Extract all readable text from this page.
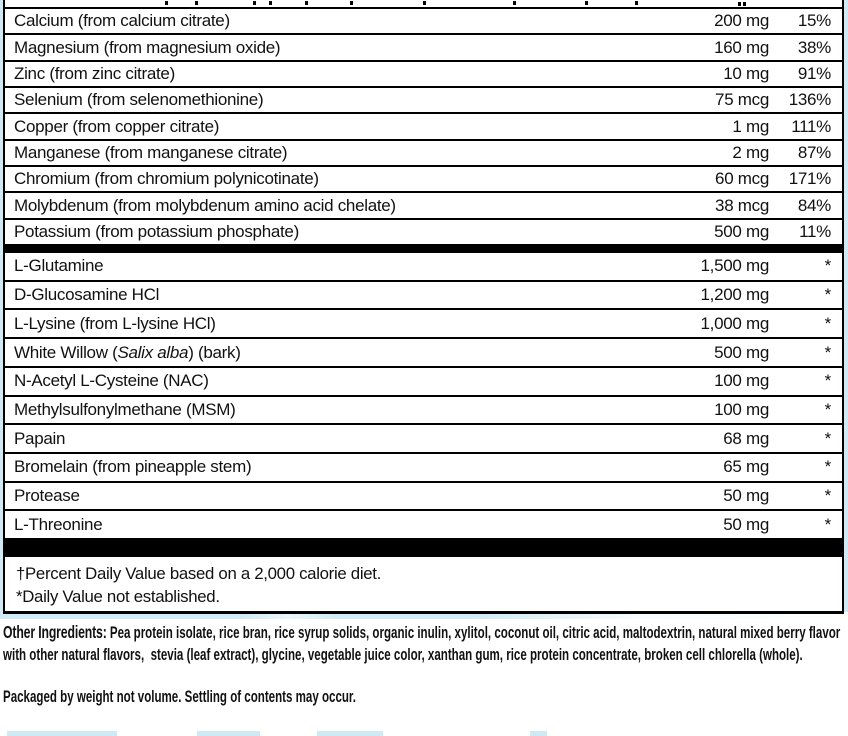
Calcium (from calcium citrate)	200 mg	15%
Magnesium (from magnesium oxide)	160 mg	38%
Zinc (from zinc citrate)	10 mg	91%
Selenium (from selenomethionine)	75 mcg	136%
Copper (from copper citrate)	1 mg	111%
Manganese (from manganese citrate)	2 mg	87%
Chromium (from chromium polynicotinate)	60 mcg	171%
Molybdenum (from molybdenum amino acid chelate)	38 mcg	84%
Potassium (from potassium phosphate)	500 mg	11%
L-Glutamine	1,500 mg	*
D-Glucosamine HCl	1,200 mg	*
L-Lysine (from L-lysine HCl)	1,000 mg	*
White Willow (Salix alba) (bark)	500 mg	*
N-Acetyl L-Cysteine (NAC)	100 mg	*
Methylsulfonylmethane (MSM)	100 mg	*
Papain	68 mg	*
Bromelain (from pineapple stem)	65 mg	*
Protease	50 mg	*
L-Threonine	50 mg	*
†Percent Daily Value based on a 2,000 calorie diet.
*Daily Value not established.

Other Ingredients: Pea protein isolate, rice bran, rice syrup solids, organic inulin, xylitol, coconut oil, citric acid, maltodextrin, natural mixed berry flavor with other natural flavors,  stevia (leaf extract), glycine, vegetable juice color, xanthan gum, rice protein concentrate, broken cell chlorella (whole).

Packaged by weight not volume. Settling of contents may occur.
